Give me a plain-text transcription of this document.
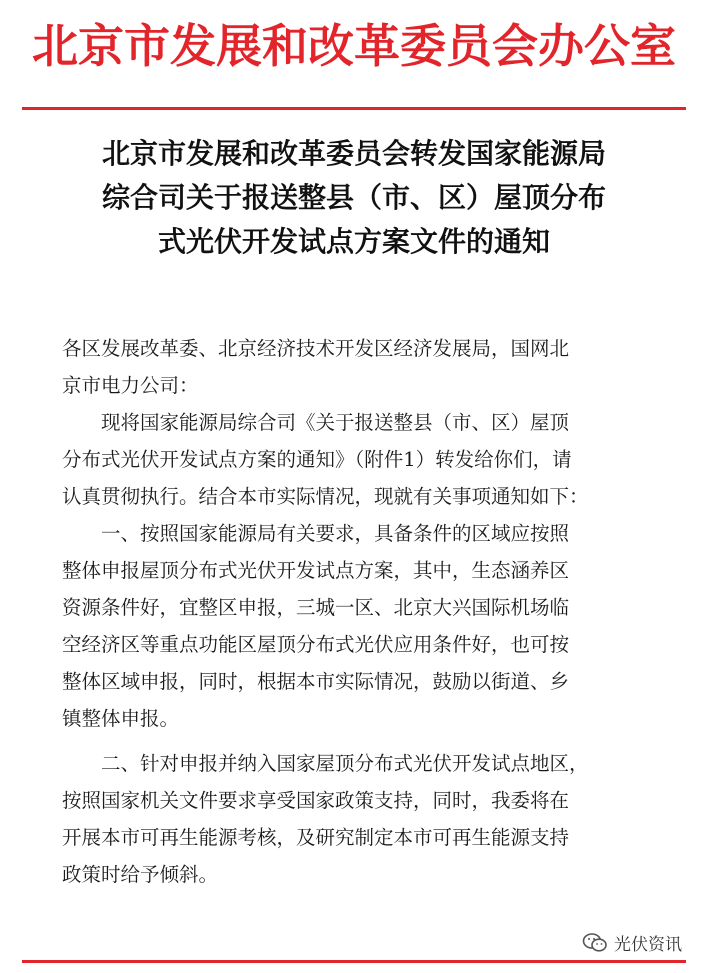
北京市发展和改革委员会办公室
北京市发展和改革委员会转发国家能源局
综合司关于报送整县（市、区）屋顶分布
式光伏开发试点方案文件的通知
各区发展改革委、北京经济技术开发区经济发展局，国网北
京市电力公司：
　　现将国家能源局综合司《关于报送整县（市、区）屋顶
分布式光伏开发试点方案的通知》（附件1）转发给你们，请
认真贯彻执行。结合本市实际情况，现就有关事项通知如下：
　　一、按照国家能源局有关要求，具备条件的区域应按照
整体申报屋顶分布式光伏开发试点方案，其中，生态涵养区
资源条件好，宜整区申报，三城一区、北京大兴国际机场临
空经济区等重点功能区屋顶分布式光伏应用条件好，也可按
整体区域申报，同时，根据本市实际情况，鼓励以街道、乡
镇整体申报。
　　二、针对申报并纳入国家屋顶分布式光伏开发试点地区，
按照国家机关文件要求享受国家政策支持，同时，我委将在
开展本市可再生能源考核，及研究制定本市可再生能源支持
政策时给予倾斜。
光伏资讯
